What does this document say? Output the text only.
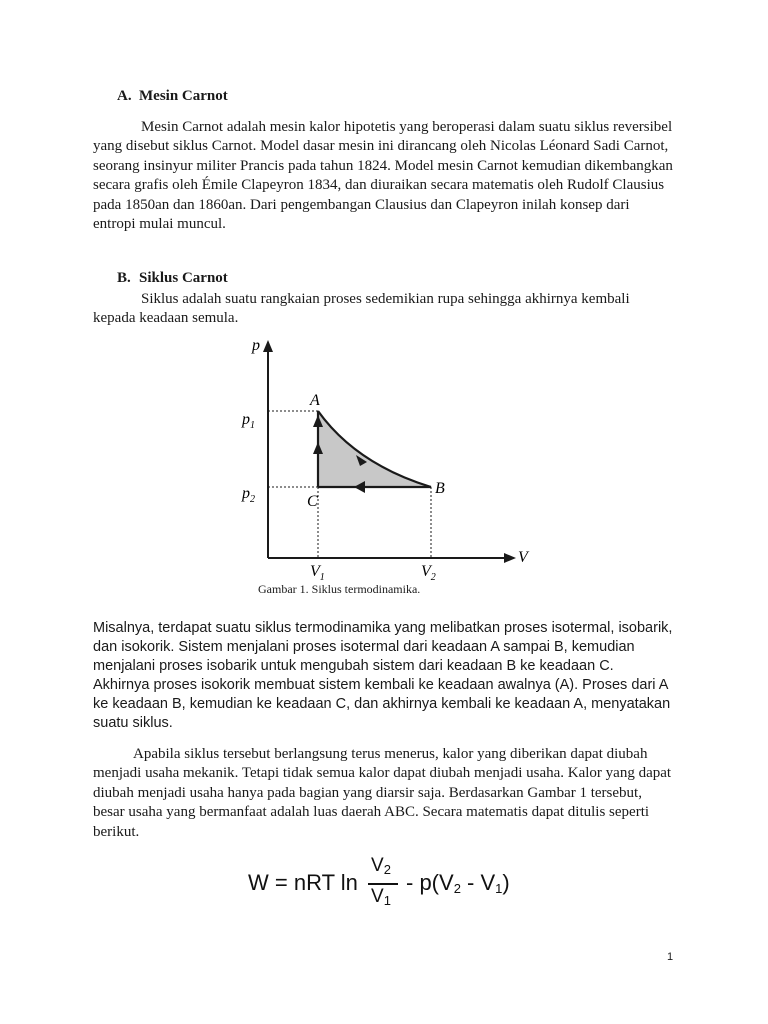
A. Mesin Carnot

Mesin Carnot adalah mesin kalor hipotetis yang beroperasi dalam suatu siklus reversibel yang disebut siklus Carnot. Model dasar mesin ini dirancang oleh Nicolas Léonard Sadi Carnot, seorang insinyur militer Prancis pada tahun 1824. Model mesin Carnot kemudian dikembangkan secara grafis oleh Émile Clapeyron 1834, dan diuraikan secara matematis oleh Rudolf Clausius pada 1850an dan 1860an. Dari pengembangan Clausius dan Clapeyron inilah konsep dari entropi mulai muncul.

B. Siklus Carnot

Siklus adalah suatu rangkaian proses sedemikian rupa sehingga akhirnya kembali kepada keadaan semula.

p
V
$p_1$
$p_2$
$V_1$	$V_2$
A
B
C

Gambar 1. Siklus termodinamika.

Misalnya, terdapat suatu siklus termodinamika yang melibatkan proses isotermal, isobarik, dan isokorik. Sistem menjalani proses isotermal dari keadaan A sampai B, kemudian menjalani proses isobarik untuk mengubah sistem dari keadaan B ke keadaan C. Akhirnya proses isokorik membuat sistem kembali ke keadaan awalnya (A). Proses dari A ke keadaan B, kemudian ke keadaan C, dan akhirnya kembali ke keadaan A, menyatakan suatu siklus.

Apabila siklus tersebut berlangsung terus menerus, kalor yang diberikan dapat diubah menjadi usaha mekanik. Tetapi tidak semua kalor dapat diubah menjadi usaha. Kalor yang dapat diubah menjadi usaha hanya pada bagian yang diarsir saja. Berdasarkan Gambar 1 tersebut, besar usaha yang bermanfaat adalah luas daerah ABC. Secara matematis dapat ditulis seperti berikut.

W = nRT ln
$V_2$
$V_1$
- $p(V_2 - V_1)$

1
